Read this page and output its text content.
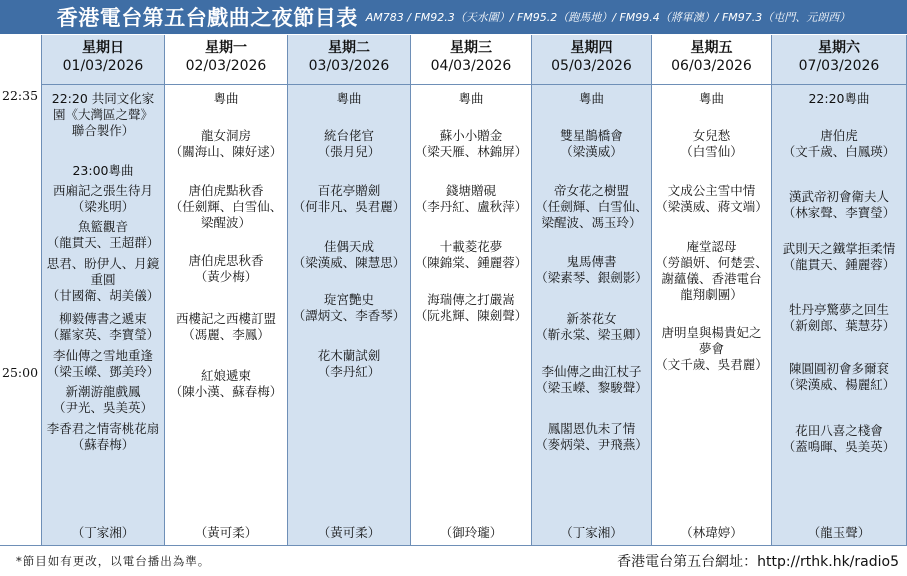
香港電台第五台戲曲之夜節目表 AM783 / FM92.3（天水圍）/ FM95.2（跑馬地）/ FM99.4（將軍澳）/ FM97.3（屯門、元朗西）
22:35
25:00
星期日
01/03/2026
22:20 共同文化家
園《大灣區之聲》
聯合製作）
23:00粵曲
西廂記之張生待月
（梁兆明）
魚籃觀音
（龍貫天、王超群）
思君、盼伊人、月鏡
重圓
（甘國衛、胡美儀）
柳毅傳書之遞束
（羅家英、李寶瑩）
李仙傳之雪地重逢
（梁玉嶸、鄧美玲）
新潮游龍戲鳳
（尹光、吳美英）
李香君之情寄桃花扇
（蘇春梅）
（丁家湘）
星期一
02/03/2026
粵曲
龍女洞房
（關海山、陳好逑）
唐伯虎點秋香
（任劍輝、白雪仙、
梁醒波）
唐伯虎思秋香
（黃少梅）
西樓記之西樓訂盟
（馮麗、李鳳）
紅娘遞柬
（陳小漢、蘇春梅）
（黃可柔）
星期二
03/03/2026
粵曲
統台佬官
（張月兒）
百花亭贈劍
（何非凡、吳君麗）
佳偶天成
（梁漢威、陳慧思）
琁宮艷史
（譚炳文、李香琴）
花木蘭試劍
（李丹紅）
（黃可柔）
星期三
04/03/2026
粵曲
蘇小小贈金
（梁天雁、林錦屏）
錢塘贈硯
（李丹紅、盧秋萍）
十載菱花夢
（陳錦棠、鍾麗蓉）
海瑞傳之打嚴嵩
（阮兆輝、陳劍聲）
（御玲瓏）
星期四
05/03/2026
粵曲
雙星鵲橋會
（梁漢威）
帝女花之樹盟
（任劍輝、白雪仙、
梁醒波、馮玉玲）
鬼馬傳書
（梁素琴、銀劍影）
新茶花女
（靳永棠、梁玉卿）
李仙傳之曲江杖子
（梁玉嶸、黎駿聲）
鳳閣恩仇未了情
（麥炳榮、尹飛燕）
（丁家湘）
星期五
06/03/2026
粵曲
女兒愁
（白雪仙）
文成公主雪中情
（梁漢威、蔣文端）
庵堂認母
（勞韻妍、何楚雲、
謝蘊儀、香港電台
龍翔劇團）
唐明皇與楊貴妃之
夢會
（文千歲、吳君麗）
（林瑋婷）
星期六
07/03/2026
22:20粵曲
唐伯虎
（文千歲、白鳳瑛）
漢武帝初會衛夫人
（林家聲、李寶瑩）
武則天之鐵掌拒柔情
（龍貫天、鍾麗蓉）
牡丹亭驚夢之回生
（新劍郎、葉慧芬）
陳圓圓初會多爾袞
（梁漢威、楊麗紅）
花田八喜之棧會
（蓋鳴暉、吳美英）
（龍玉聲）
*節目如有更改，以電台播出為準。	香港電台第五台網址：http://rthk.hk/radio5
